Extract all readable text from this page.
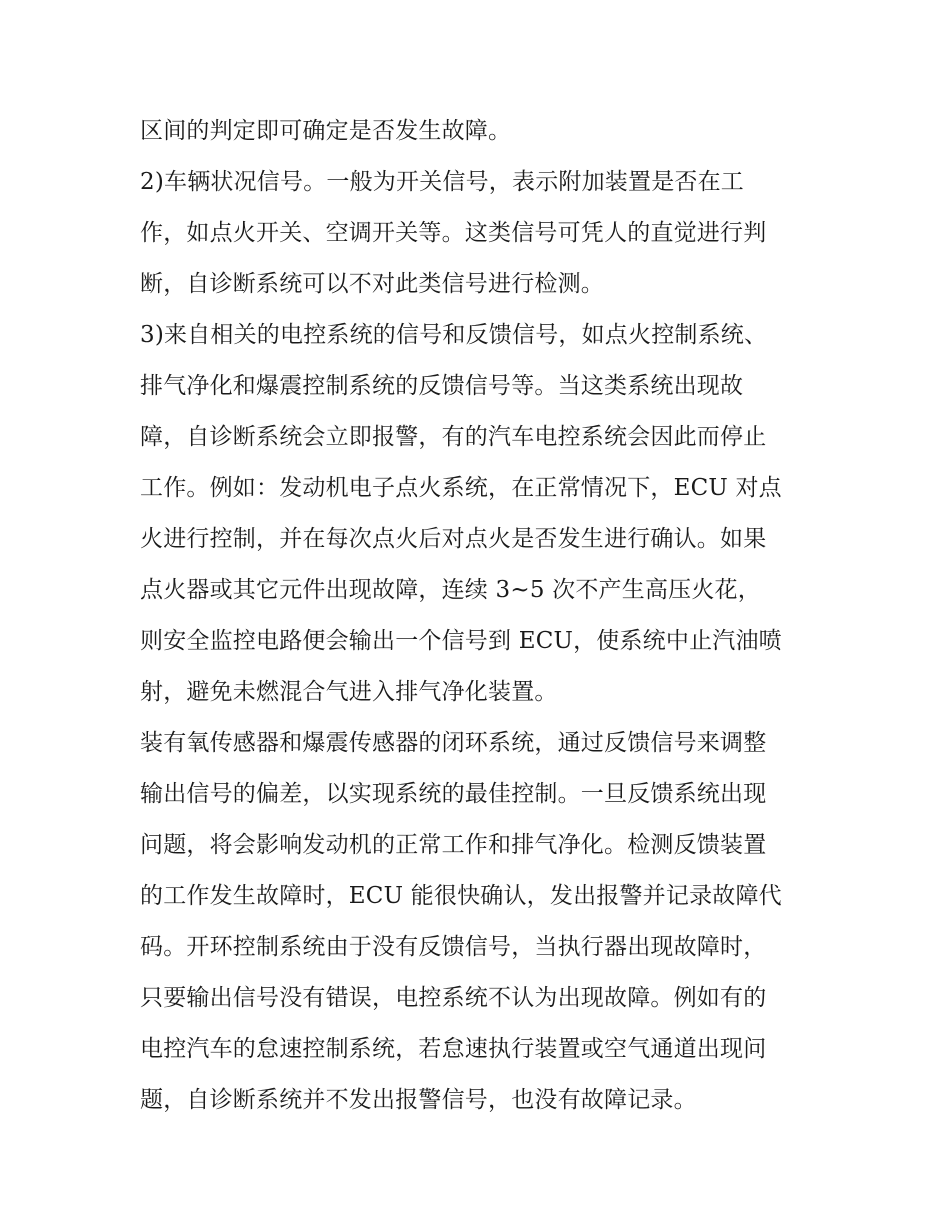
区间的判定即可确定是否发生故障。
2)车辆状况信号。一般为开关信号，表示附加装置是否在工
作，如点火开关、空调开关等。这类信号可凭人的直觉进行判
断，自诊断系统可以不对此类信号进行检测。
3)来自相关的电控系统的信号和反馈信号，如点火控制系统、
排气净化和爆震控制系统的反馈信号等。当这类系统出现故
障，自诊断系统会立即报警，有的汽车电控系统会因此而停止
工作。例如：发动机电子点火系统，在正常情况下，ECU 对点
火进行控制，并在每次点火后对点火是否发生进行确认。如果
点火器或其它元件出现故障，连续 3~5 次不产生高压火花，
则安全监控电路便会输出一个信号到 ECU，使系统中止汽油喷
射，避免未燃混合气进入排气净化装置。
装有氧传感器和爆震传感器的闭环系统，通过反馈信号来调整
输出信号的偏差，以实现系统的最佳控制。一旦反馈系统出现
问题，将会影响发动机的正常工作和排气净化。检测反馈装置
的工作发生故障时，ECU 能很快确认，发出报警并记录故障代
码。开环控制系统由于没有反馈信号，当执行器出现故障时，
只要输出信号没有错误，电控系统不认为出现故障。例如有的
电控汽车的怠速控制系统，若怠速执行装置或空气通道出现问
题，自诊断系统并不发出报警信号，也没有故障记录。
